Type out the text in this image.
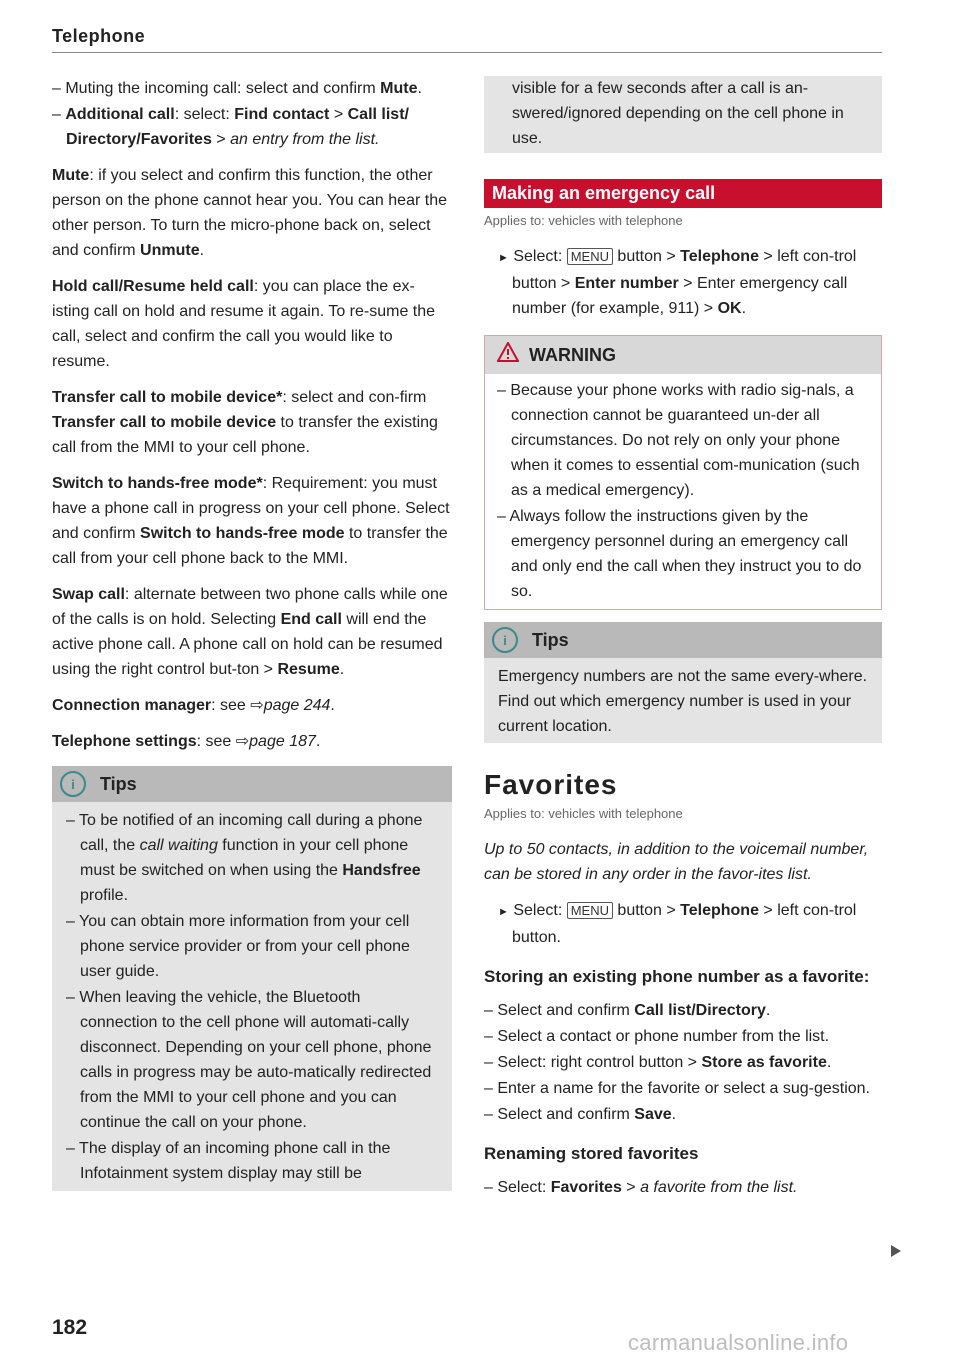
Telephone

– Muting the incoming call: select and confirm Mute.

– Additional call: select: Find contact > Call list/ Directory/Favorites > an entry from the list.

Mute: if you select and confirm this function, the other person on the phone cannot hear you. You can hear the other person. To turn the micro-phone back on, select and confirm Unmute.

Hold call/Resume held call: you can place the ex-isting call on hold and resume it again. To re-sume the call, select and confirm the call you would like to resume.

Transfer call to mobile device*: select and con-firm Transfer call to mobile device to transfer the existing call from the MMI to your cell phone.

Switch to hands-free mode*: Requirement: you must have a phone call in progress on your cell phone. Select and confirm Switch to hands-free mode to transfer the call from your cell phone back to the MMI.

Swap call: alternate between two phone calls while one of the calls is on hold. Selecting End call will end the active phone call. A phone call on hold can be resumed using the right control but-ton > Resume.

Connection manager: see ⇨page 244.

Telephone settings: see ⇨page 187.

i	Tips

– To be notified of an incoming call during a phone call, the call waiting function in your cell phone must be switched on when using the Handsfree profile.

– You can obtain more information from your cell phone service provider or from your cell phone user guide.

– When leaving the vehicle, the Bluetooth connection to the cell phone will automati-cally disconnect. Depending on your cell phone, phone calls in progress may be auto-matically redirected from the MMI to your cell phone and you can continue the call on your phone.

– The display of an incoming phone call in the Infotainment system display may still be

visible for a few seconds after a call is an-swered/ignored depending on the cell phone in use.

Making an emergency call
Applies to: vehicles with telephone

► Select: MENU button > Telephone > left con-trol button > Enter number > Enter emergency call number (for example, 911) > OK.

WARNING

– Because your phone works with radio sig-nals, a connection cannot be guaranteed un-der all circumstances. Do not rely on only your phone when it comes to essential com-munication (such as a medical emergency).

– Always follow the instructions given by the emergency personnel during an emergency call and only end the call when they instruct you to do so.

i	Tips

Emergency numbers are not the same every-where. Find out which emergency number is used in your current location.

Favorites
Applies to: vehicles with telephone

Up to 50 contacts, in addition to the voicemail number, can be stored in any order in the favor-ites list.

► Select: MENU button > Telephone > left con-trol button.

Storing an existing phone number as a favorite:

– Select and confirm Call list/Directory.

– Select a contact or phone number from the list.

– Select: right control button > Store as favorite.

– Enter a name for the favorite or select a sug-gestion.

– Select and confirm Save.

Renaming stored favorites

– Select: Favorites > a favorite from the list.

182
carmanualsonline.info
